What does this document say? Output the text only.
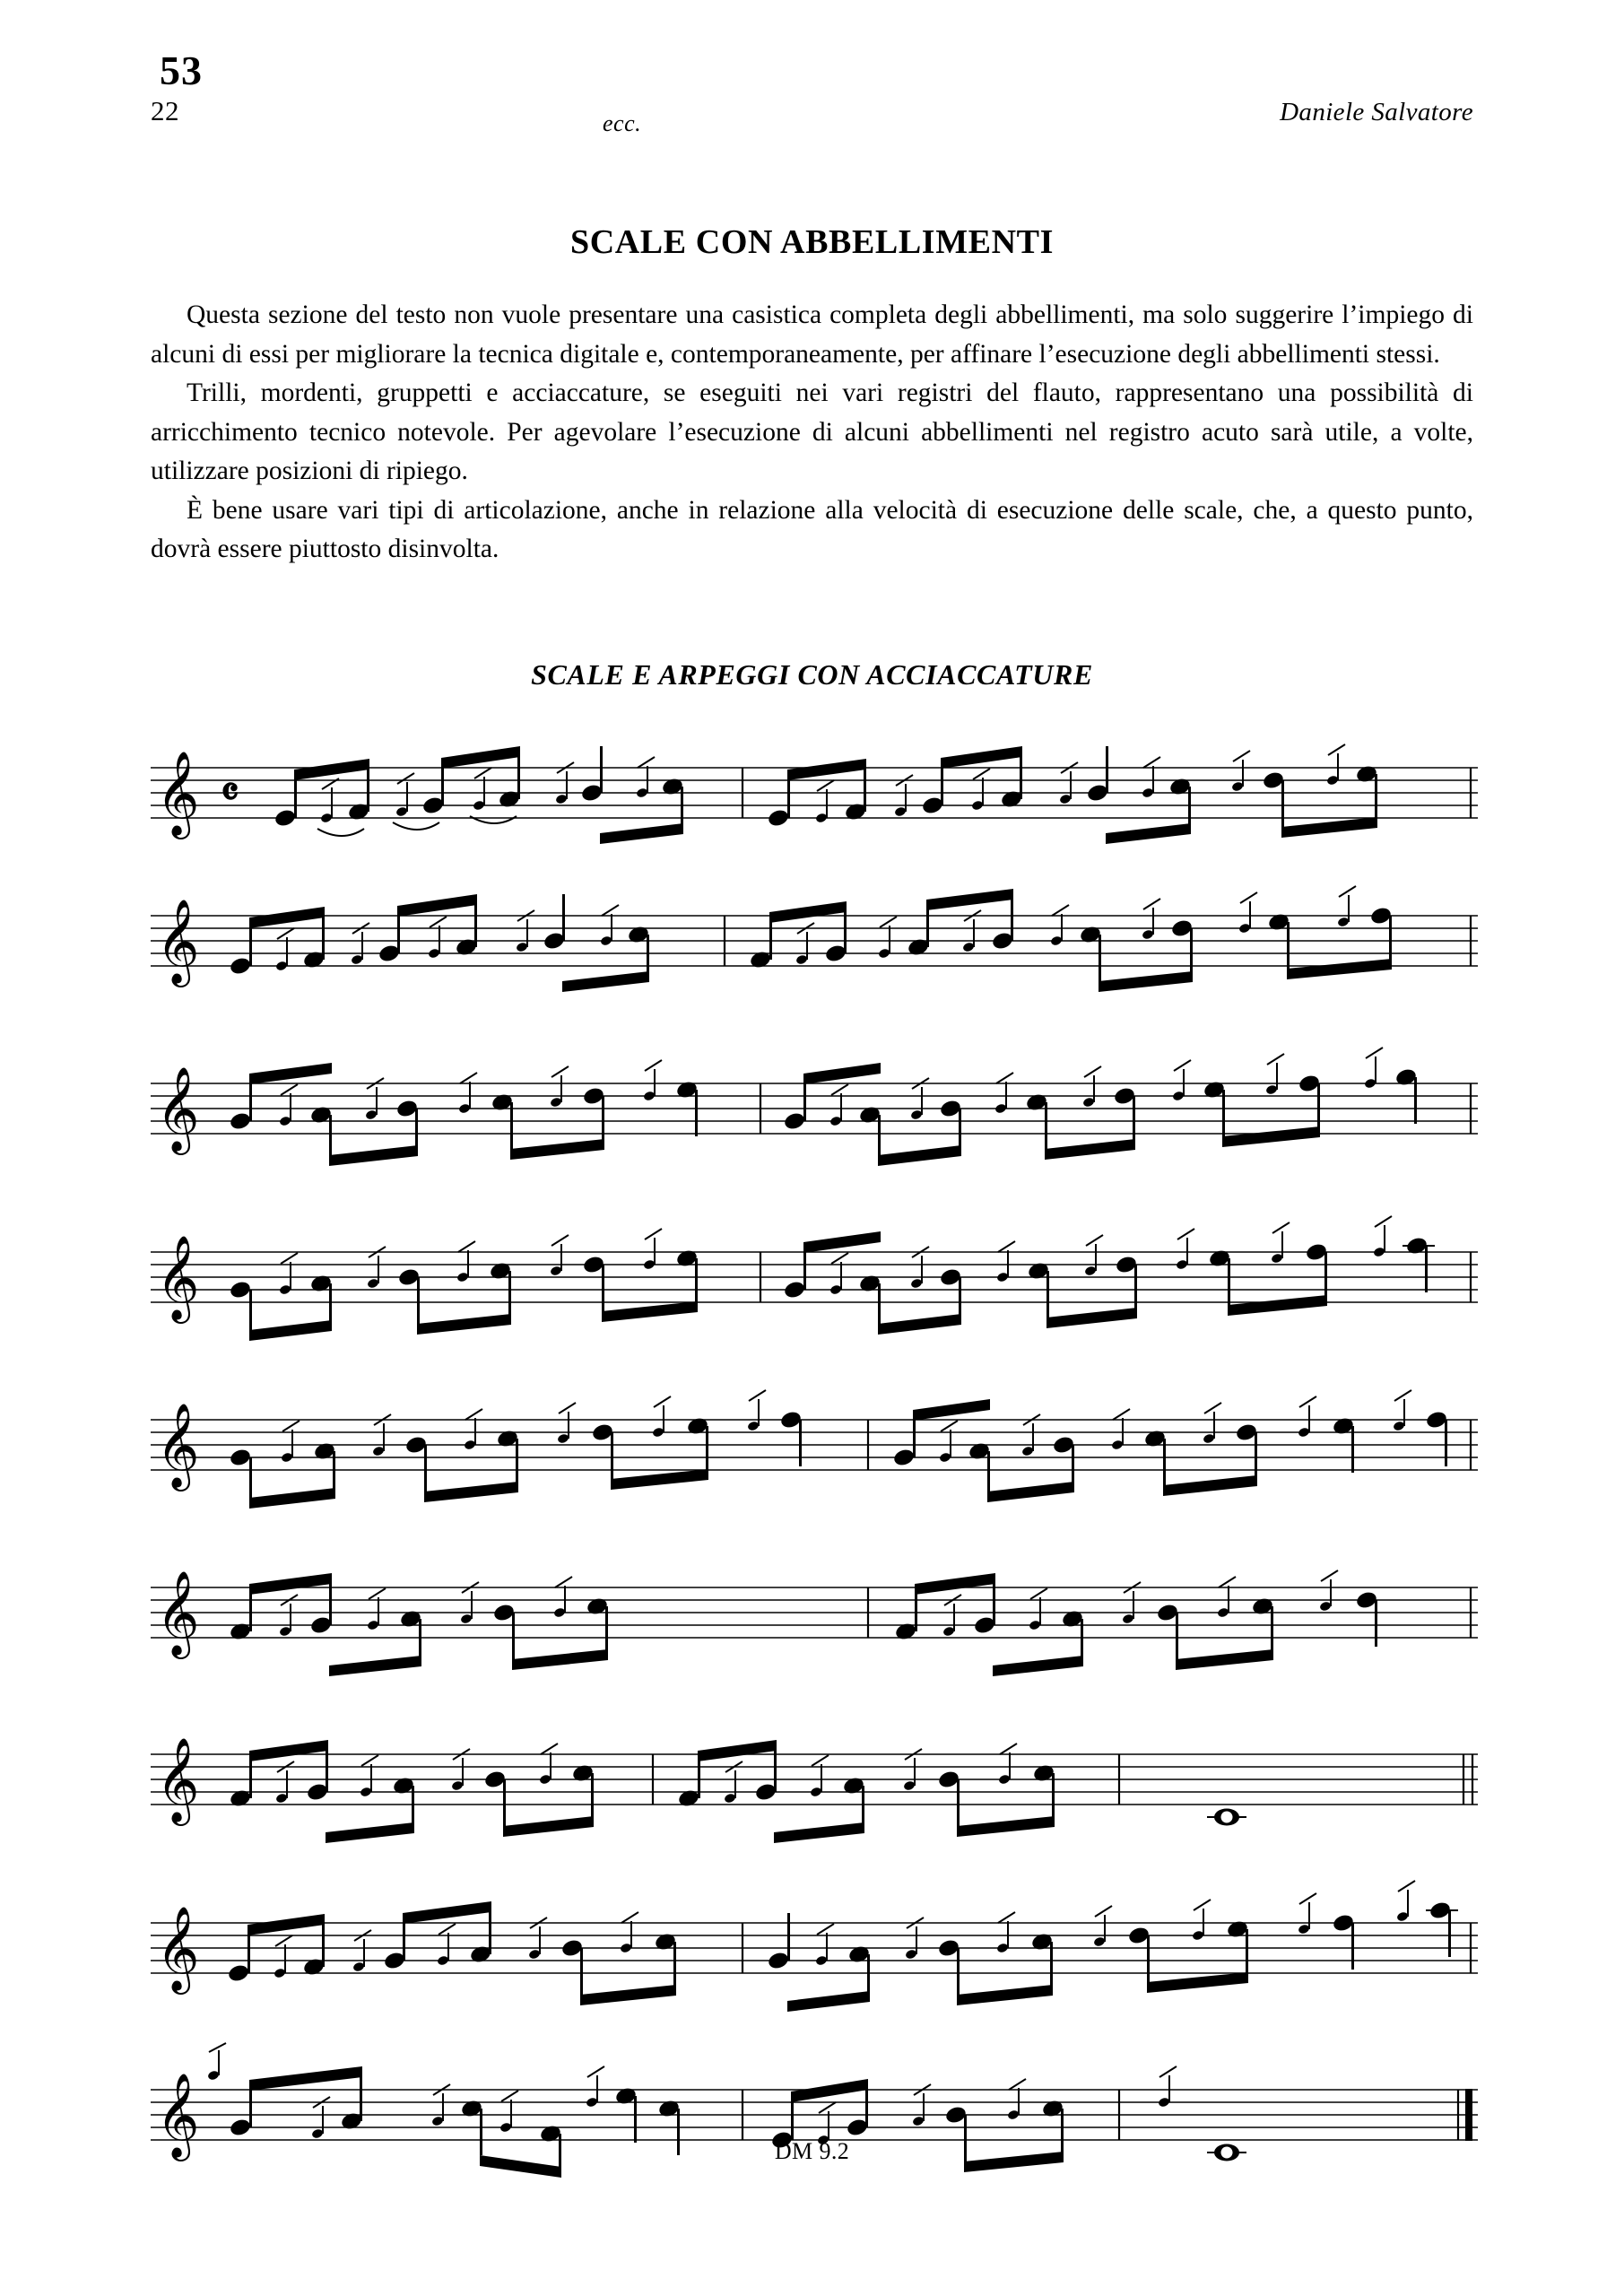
22	Daniele Salvatore
SCALE CON ABBELLIMENTI

Questa sezione del testo non vuole presentare una casistica completa degli abbellimenti, ma solo suggerire l’impiego di alcuni di essi per migliorare la tecnica digitale e, contemporaneamente, per affinare l’esecuzione degli abbellimenti stessi.

Trilli, mordenti, gruppetti e acciaccature, se eseguiti nei vari registri del flauto, rappresentano una possibilità di arricchimento tecnico notevole. Per agevolare l’esecuzione di alcuni abbellimenti nel registro acuto sarà utile, a volte, utilizzare posizioni di ripiego.

È bene usare vari tipi di articolazione, anche in relazione alla velocità di esecuzione delle scale, che, a questo punto, dovrà essere piuttosto disinvolta.

SCALE E ARPEGGI CON ACCIACCATURE
53
ecc.
𝄞 𝄴
𝄞
𝄞
𝄞
𝄞
𝄞
𝄞
𝄞
𝄞	DM 9.2
